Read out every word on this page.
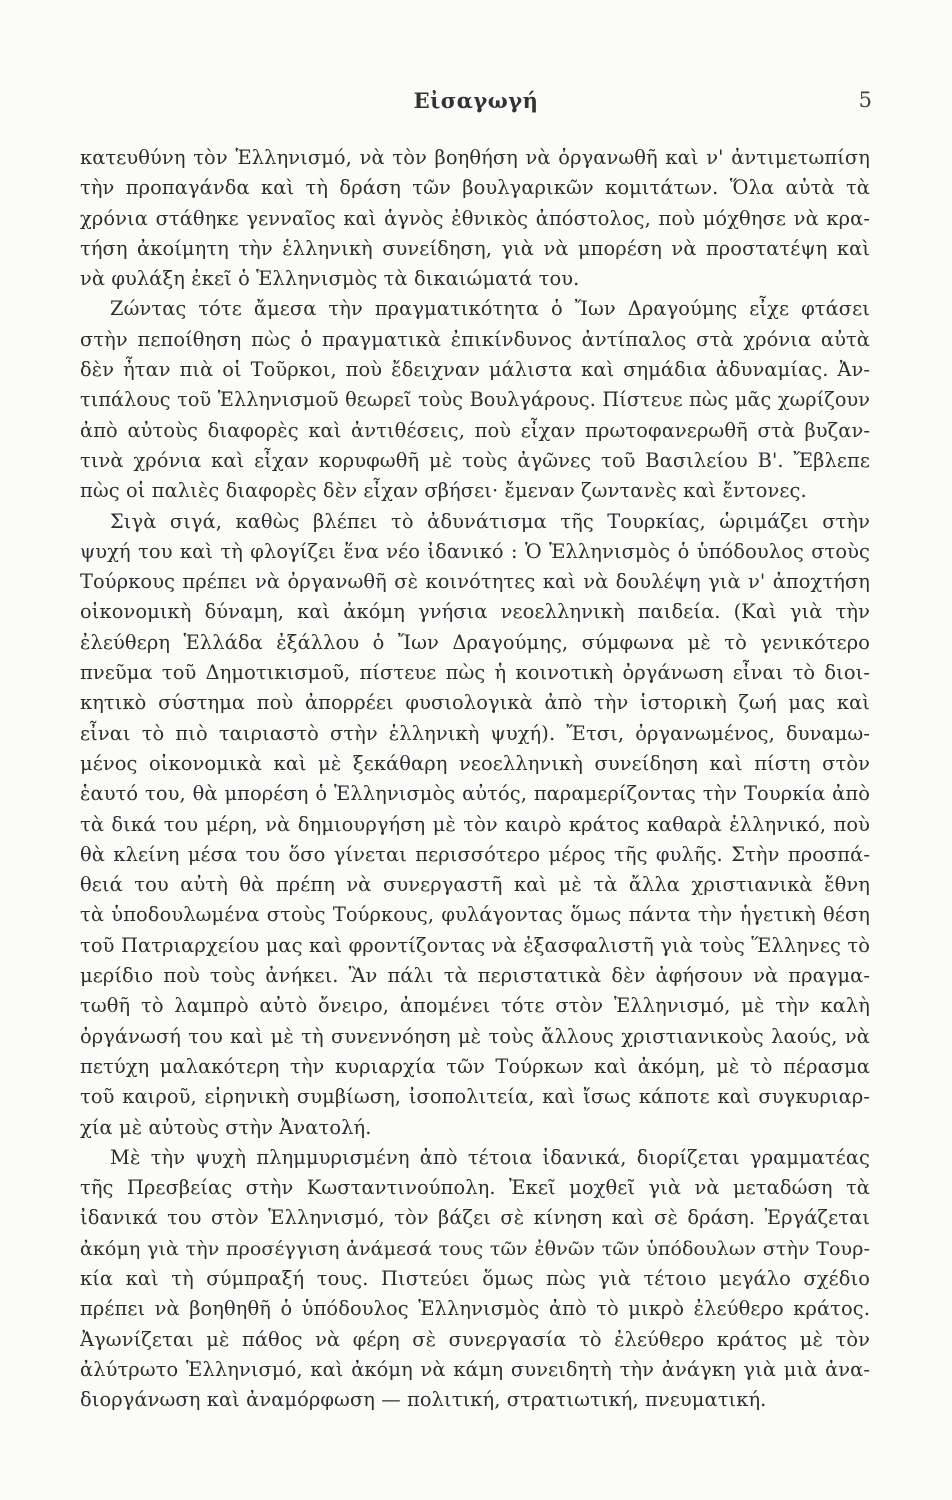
Εἰσαγωγή	5
κατευθύνη τὸν Ἑλληνισμό, νὰ τὸν βοηθήση νὰ ὀργανωθῆ καὶ ν' ἀντιμετωπίση
τὴν προπαγάνδα καὶ τὴ δράση τῶν βουλγαρικῶν κομιτάτων. Ὅλα αὐτὰ τὰ
χρόνια στάθηκε γενναῖος καὶ ἁγνὸς ἐθνικὸς ἀπόστολος, ποὺ μόχθησε νὰ κρα-
τήση ἀκοίμητη τὴν ἑλληνικὴ συνείδηση, γιὰ νὰ μπορέση νὰ προστατέψη καὶ
νὰ φυλάξη ἐκεῖ ὁ Ἑλληνισμὸς τὰ δικαιώματά του.
Ζώντας τότε ἄμεσα τὴν πραγματικότητα ὁ Ἴων Δραγούμης εἶχε φτάσει
στὴν πεποίθηση πὼς ὁ πραγματικὰ ἐπικίνδυνος ἀντίπαλος στὰ χρόνια αὐτὰ
δὲν ἦταν πιὰ οἱ Τοῦρκοι, ποὺ ἔδειχναν μάλιστα καὶ σημάδια ἀδυναμίας. Ἀν-
τιπάλους τοῦ Ἑλληνισμοῦ θεωρεῖ τοὺς Βουλγάρους. Πίστευε πὼς μᾶς χωρίζουν
ἀπὸ αὐτοὺς διαφορὲς καὶ ἀντιθέσεις, ποὺ εἶχαν πρωτοφανερωθῆ στὰ βυζαν-
τινὰ χρόνια καὶ εἶχαν κορυφωθῆ μὲ τοὺς ἀγῶνες τοῦ Βασιλείου Β'. Ἔβλεπε
πὼς οἱ παλιὲς διαφορὲς δὲν εἶχαν σβήσει· ἔμεναν ζωντανὲς καὶ ἔντονες.
Σιγὰ σιγά, καθὼς βλέπει τὸ ἀδυνάτισμα τῆς Τουρκίας, ὡριμάζει στὴν
ψυχή του καὶ τὴ φλογίζει ἕνα νέο ἰδανικό : Ὁ Ἑλληνισμὸς ὁ ὑπόδουλος στοὺς
Τούρκους πρέπει νὰ ὀργανωθῆ σὲ κοινότητες καὶ νὰ δουλέψη γιὰ ν' ἀποχτήση
οἰκονομικὴ δύναμη, καὶ ἀκόμη γνήσια νεοελληνικὴ παιδεία. (Καὶ γιὰ τὴν
ἐλεύθερη Ἑλλάδα ἐξάλλου ὁ Ἴων Δραγούμης, σύμφωνα μὲ τὸ γενικότερο
πνεῦμα τοῦ Δημοτικισμοῦ, πίστευε πὼς ἡ κοινοτικὴ ὀργάνωση εἶναι τὸ διοι-
κητικὸ σύστημα ποὺ ἀπορρέει φυσιολογικὰ ἀπὸ τὴν ἱστορικὴ ζωή μας καὶ
εἶναι τὸ πιὸ ταιριαστὸ στὴν ἑλληνικὴ ψυχή). Ἔτσι, ὀργανωμένος, δυναμω-
μένος οἰκονομικὰ καὶ μὲ ξεκάθαρη νεοελληνικὴ συνείδηση καὶ πίστη στὸν
ἑαυτό του, θὰ μπορέση ὁ Ἑλληνισμὸς αὐτός, παραμερίζοντας τὴν Τουρκία ἀπὸ
τὰ δικά του μέρη, νὰ δημιουργήση μὲ τὸν καιρὸ κράτος καθαρὰ ἑλληνικό, ποὺ
θὰ κλείνη μέσα του ὅσο γίνεται περισσότερο μέρος τῆς φυλῆς. Στὴν προσπά-
θειά του αὐτὴ θὰ πρέπη νὰ συνεργαστῆ καὶ μὲ τὰ ἄλλα χριστιανικὰ ἔθνη
τὰ ὑποδουλωμένα στοὺς Τούρκους, φυλάγοντας ὅμως πάντα τὴν ἡγετικὴ θέση
τοῦ Πατριαρχείου μας καὶ φροντίζοντας νὰ ἐξασφαλιστῆ γιὰ τοὺς Ἕλληνες τὸ
μερίδιο ποὺ τοὺς ἀνήκει. Ἂν πάλι τὰ περιστατικὰ δὲν ἀφήσουν νὰ πραγμα-
τωθῆ τὸ λαμπρὸ αὐτὸ ὄνειρο, ἀπομένει τότε στὸν Ἑλληνισμό, μὲ τὴν καλὴ
ὀργάνωσή του καὶ μὲ τὴ συνεννόηση μὲ τοὺς ἄλλους χριστιανικοὺς λαούς, νὰ
πετύχη μαλακότερη τὴν κυριαρχία τῶν Τούρκων καὶ ἀκόμη, μὲ τὸ πέρασμα
τοῦ καιροῦ, εἰρηνικὴ συμβίωση, ἰσοπολιτεία, καὶ ἴσως κάποτε καὶ συγκυριαρ-
χία μὲ αὐτοὺς στὴν Ἀνατολή.
Μὲ τὴν ψυχὴ πλημμυρισμένη ἀπὸ τέτοια ἰδανικά, διορίζεται γραμματέας
τῆς Πρεσβείας στὴν Κωσταντινούπολη. Ἐκεῖ μοχθεῖ γιὰ νὰ μεταδώση τὰ
ἰδανικά του στὸν Ἑλληνισμό, τὸν βάζει σὲ κίνηση καὶ σὲ δράση. Ἐργάζεται
ἀκόμη γιὰ τὴν προσέγγιση ἀνάμεσά τους τῶν ἐθνῶν τῶν ὑπόδουλων στὴν Τουρ-
κία καὶ τὴ σύμπραξή τους. Πιστεύει ὅμως πὼς γιὰ τέτοιο μεγάλο σχέδιο
πρέπει νὰ βοηθηθῆ ὁ ὑπόδουλος Ἑλληνισμὸς ἀπὸ τὸ μικρὸ ἐλεύθερο κράτος.
Ἀγωνίζεται μὲ πάθος νὰ φέρη σὲ συνεργασία τὸ ἐλεύθερο κράτος μὲ τὸν
ἀλύτρωτο Ἑλληνισμό, καὶ ἀκόμη νὰ κάμη συνειδητὴ τὴν ἀνάγκη γιὰ μιὰ ἀνα-
διοργάνωση καὶ ἀναμόρφωση — πολιτική, στρατιωτική, πνευματική.
